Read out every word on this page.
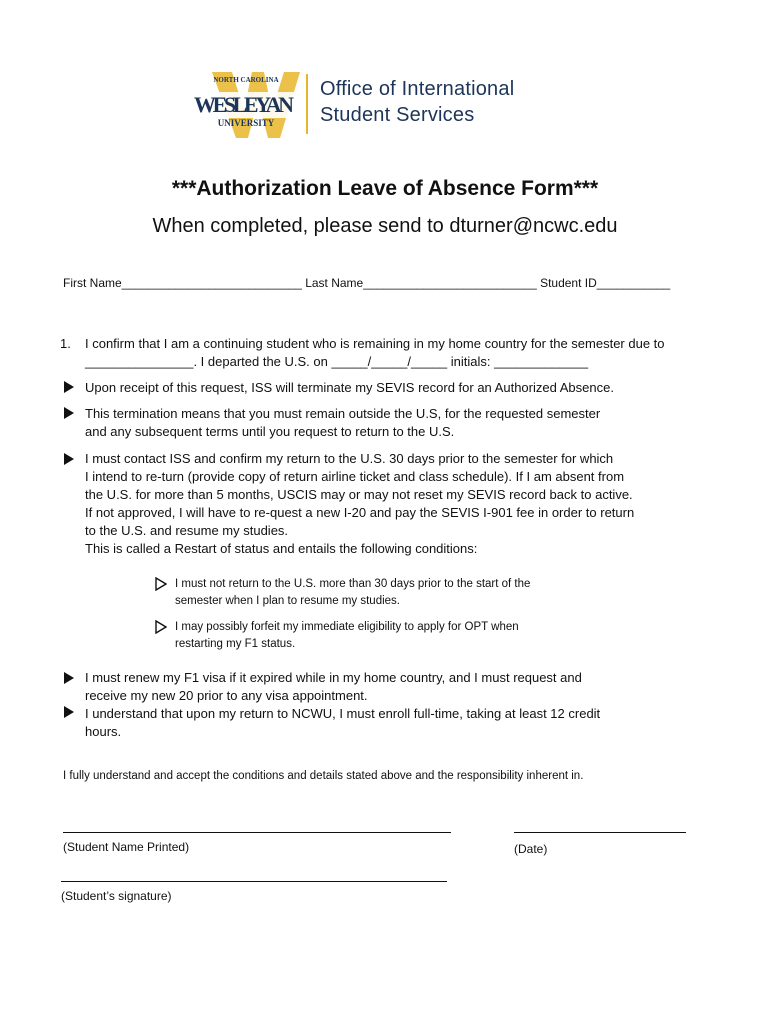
NORTH CAROLINA
WESLEYAN
UNIVERSITY
Office of International
Student Services
***Authorization Leave of Absence Form***
When completed, please send to dturner@ncwc.edu
First Name___________________________ Last Name__________________________ Student ID___________
1. I confirm that I am a continuing student who is remaining in my home country for the semester due to
_______________. I departed the U.S. on _____/_____/_____ initials: _____________
Upon receipt of this request, ISS will terminate my SEVIS record for an Authorized Absence.
This termination means that you must remain outside the U.S, for the requested semester
and any subsequent terms until you request to return to the U.S.
I must contact ISS and confirm my return to the U.S. 30 days prior to the semester for which
I intend to re-turn (provide copy of return airline ticket and class schedule). If I am absent from
the U.S. for more than 5 months, USCIS may or may not reset my SEVIS record back to active.
If not approved, I will have to re-quest a new I-20 and pay the SEVIS I-901 fee in order to return
to the U.S. and resume my studies.
This is called a Restart of status and entails the following conditions:
I must not return to the U.S. more than 30 days prior to the start of the
semester when I plan to resume my studies.
I may possibly forfeit my immediate eligibility to apply for OPT when
restarting my F1 status.
I must renew my F1 visa if it expired while in my home country, and I must request and
receive my new 20 prior to any visa appointment.
I understand that upon my return to NCWU, I must enroll full-time, taking at least 12 credit
hours.
I fully understand and accept the conditions and details stated above and the responsibility inherent in.
(Student Name Printed)	(Date)
(Student’s signature)
